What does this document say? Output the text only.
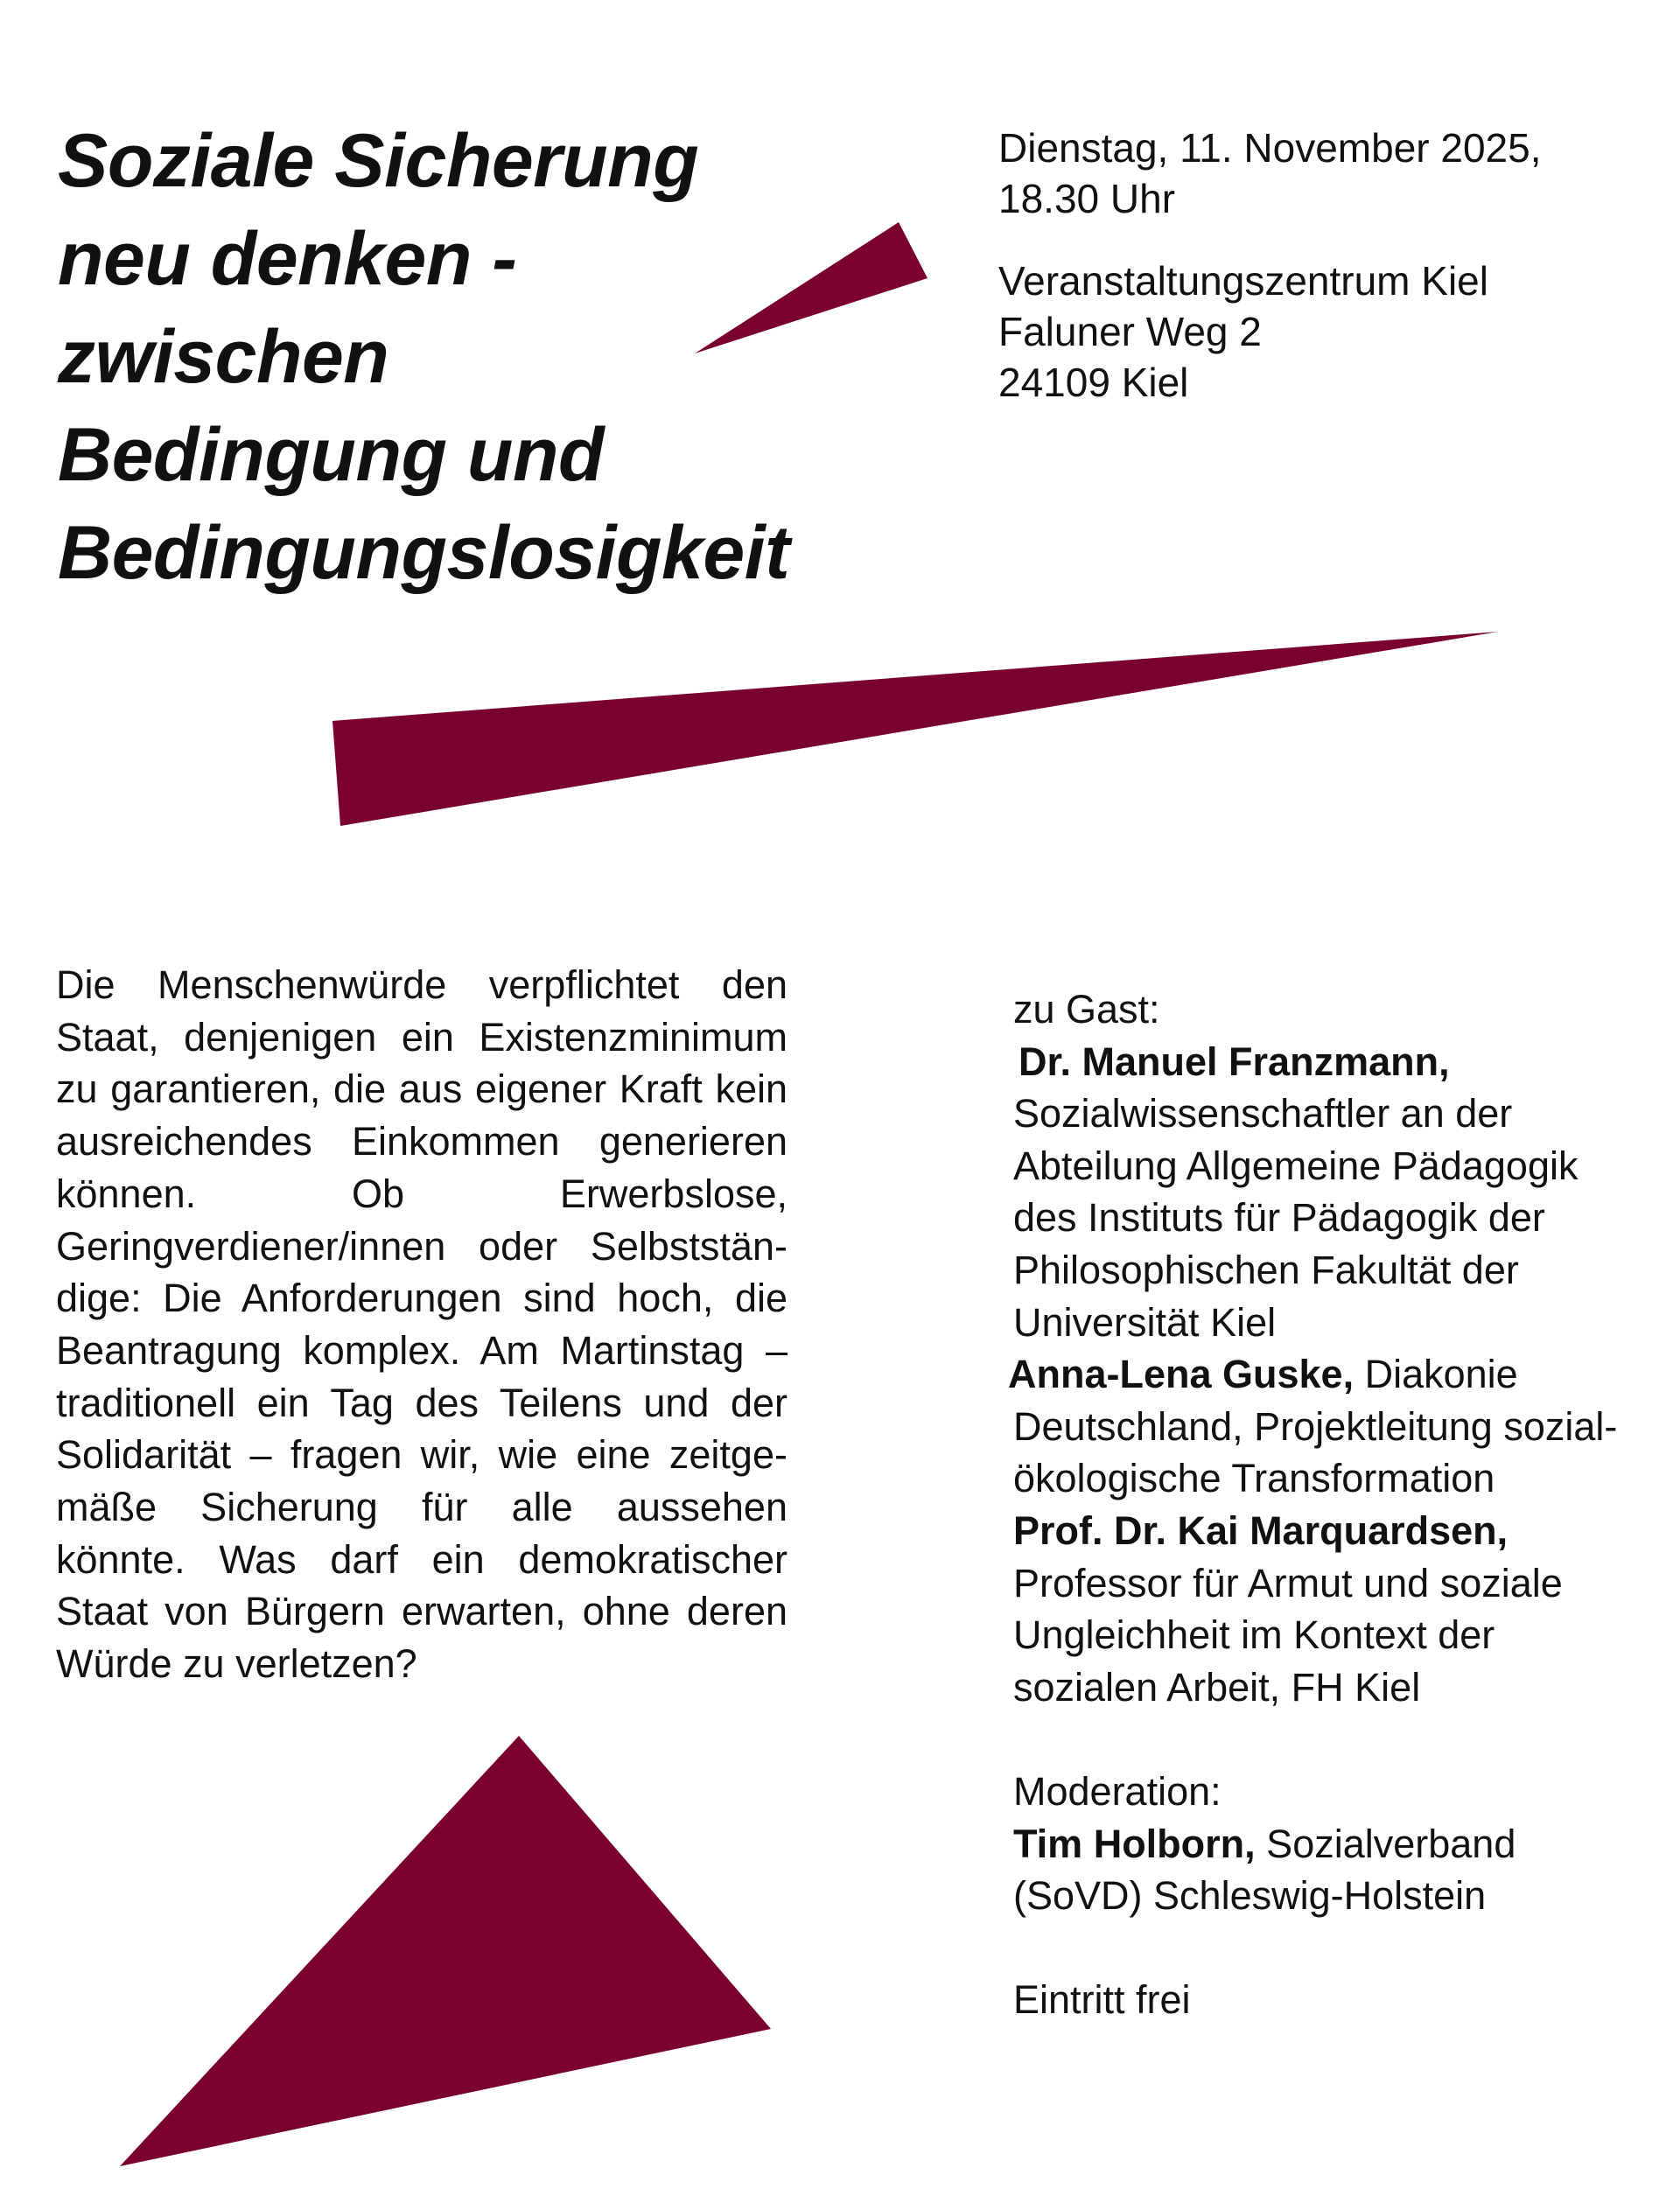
Soziale Sicherung
neu denken -
zwischen
Bedingung und
Bedingungslosigkeit
Dienstag, 11. November 2025,
18.30 Uhr
Veranstaltungszentrum Kiel
Faluner Weg 2
24109 Kiel

Die Menschenwürde verpflichtet den Staat, denjenigen ein Existenzminimum zu garantieren, die aus eigener Kraft kein ausreichendes Einkommen generieren können. Ob Erwerbslose, Geringverdiener/innen oder Selbstständige: Die Anforderungen sind hoch, die Beantragung komplex. Am Martinstag – traditionell ein Tag des Teilens und der Solidarität – fragen wir, wie eine zeitgemäße Sicherung für alle aussehen könnte. Was darf ein demokratischer Staat von Bürgern erwarten, ohne deren Würde zu verletzen?

zu Gast:
Dr. Manuel Franzmann,
Sozialwissenschaftler an der
Abteilung Allgemeine Pädagogik
des Instituts für Pädagogik der
Philosophischen Fakultät der
Universität Kiel
Anna-Lena Guske, Diakonie
Deutschland, Projektleitung sozial-
ökologische Transformation
Prof. Dr. Kai Marquardsen,
Professor für Armut und soziale
Ungleichheit im Kontext der
sozialen Arbeit, FH Kiel
Moderation:
Tim Holborn, Sozialverband
(SoVD) Schleswig-Holstein
Eintritt frei
